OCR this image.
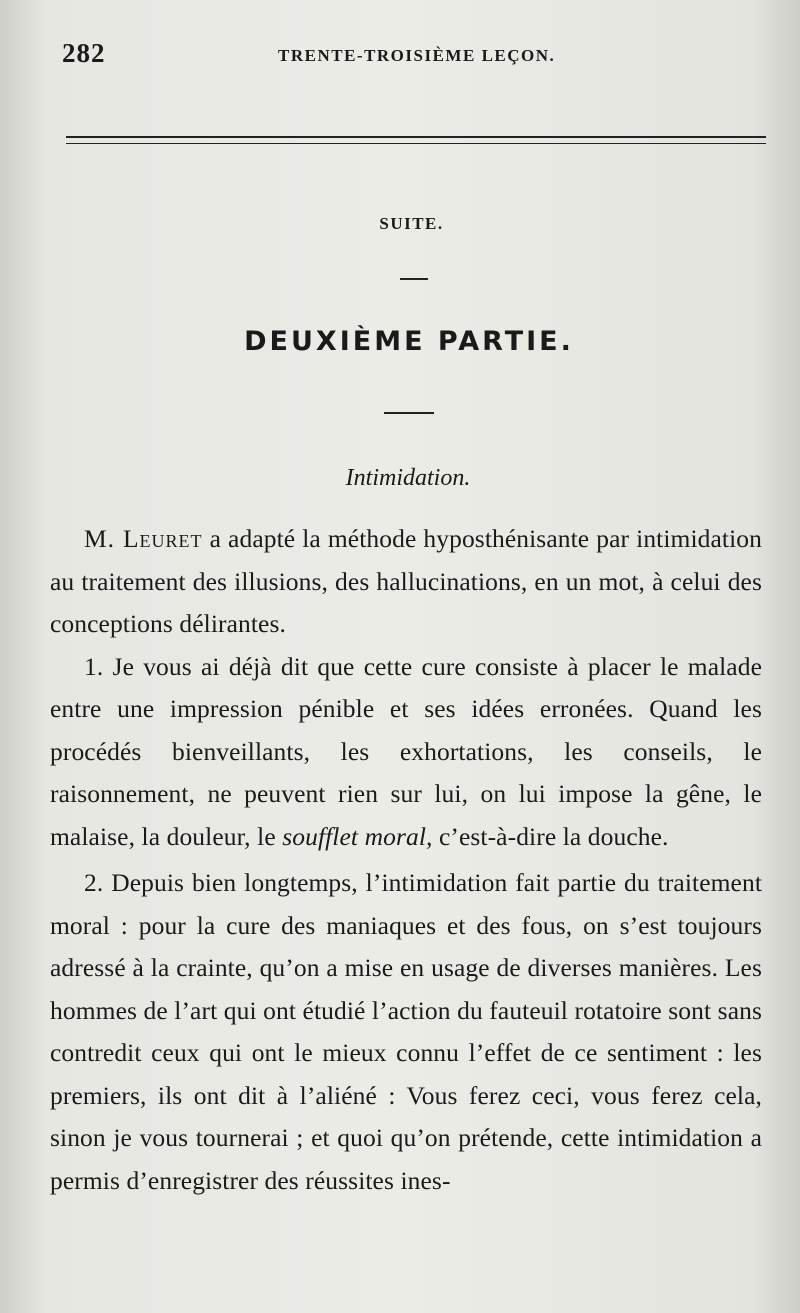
282	TRENTE-TROISIÈME LEÇON.
SUITE.
DEUXIÈME PARTIE.
Intimidation.

M. Leuret a adapté la méthode hyposthénisante par intimidation au traitement des illusions, des hallucinations, en un mot, à celui des conceptions délirantes.

1. Je vous ai déjà dit que cette cure consiste à placer le malade entre une impression pénible et ses idées erronées. Quand les procédés bienveillants, les exhortations, les conseils, le raisonnement, ne peuvent rien sur lui, on lui impose la gêne, le malaise, la douleur, le soufflet moral, c’est-à-dire la douche.

2. Depuis bien longtemps, l’intimidation fait partie du traitement moral : pour la cure des maniaques et des fous, on s’est toujours adressé à la crainte, qu’on a mise en usage de diverses manières. Les hommes de l’art qui ont étudié l’action du fauteuil rotatoire sont sans contredit ceux qui ont le mieux connu l’effet de ce sentiment : les premiers, ils ont dit à l’aliéné : Vous ferez ceci, vous ferez cela, sinon je vous tournerai ; et quoi qu’on prétende, cette intimidation a permis d’enregistrer des réussites ines-
